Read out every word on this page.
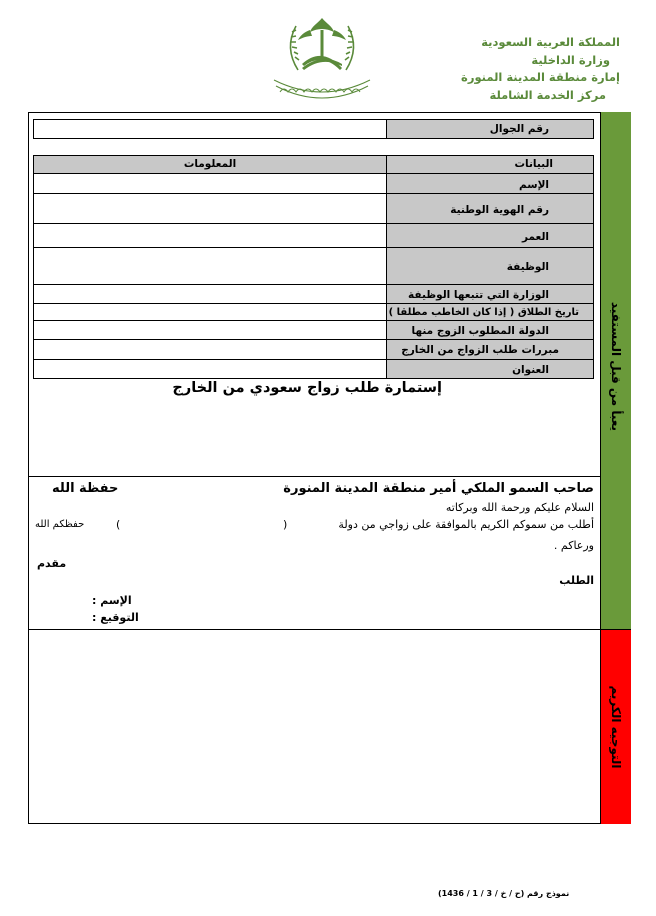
المملكة العربية السعودية
وزارة الداخلية
إمارة منطقة المدينة المنورة
مركز الخدمة الشاملة
يعبأ من قبل المستفيد
التوجيه الكريم
رقم الجوال
المعلومات	البيانات
الإسم
رقم الهوية الوطنية
العمر
الوظيفة
الوزارة التي تتبعها الوظيفة
تاريخ الطلاق ( إذا كان الخاطب مطلقا )
الدولة المطلوب الزوج منها
مبررات طلب الزواج من الخارج
العنوان
إستمارة طلب زواج سعودي من الخارج
صاحب السمو الملكي أمير منطقة المدينة المنورة
حفظة الله
السلام عليكم ورحمة الله وبركاته
أطلب من سموكم الكريم بالموافقة على زواجي من دولة
(
)
حفظكم الله
ورعاكم .
مقدم
الطلب
الإسم :
التوقيع :
نموذج رقم (ح / خ / 3 / 1 / 1436)
